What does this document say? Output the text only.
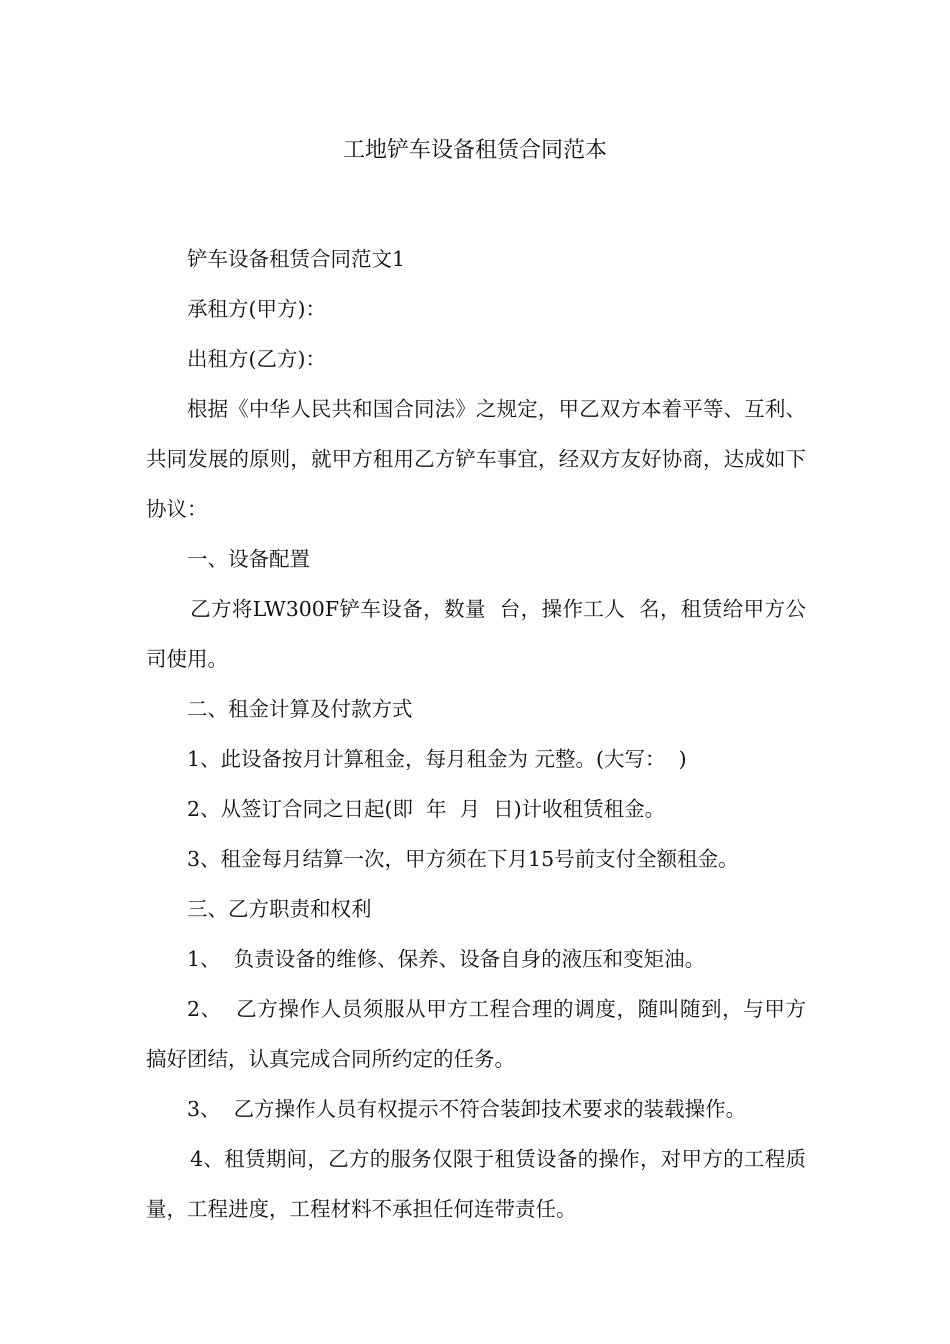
工地铲车设备租赁合同范本

铲车设备租赁合同范文1

承租方(甲方)：

出租方(乙方)：

根据《中华人民共和国合同法》之规定，甲乙双方本着平等、互利、共同发展的原则，就甲方租用乙方铲车事宜，经双方友好协商，达成如下协议：

一、设备配置

乙方将LW300F铲车设备，数量  台，操作工人  名，租赁给甲方公司使用。

二、租金计算及付款方式

1、此设备按月计算租金，每月租金为 元整。(大写：  )

2、从签订合同之日起(即  年  月  日)计收租赁租金。

3、租金每月结算一次，甲方须在下月15号前支付全额租金。

三、乙方职责和权利

1、  负责设备的维修、保养、设备自身的液压和变矩油。

2、  乙方操作人员须服从甲方工程合理的调度，随叫随到，与甲方搞好团结，认真完成合同所约定的任务。

3、  乙方操作人员有权提示不符合装卸技术要求的装载操作。

4、租赁期间，乙方的服务仅限于租赁设备的操作，对甲方的工程质量，工程进度，工程材料不承担任何连带责任。
